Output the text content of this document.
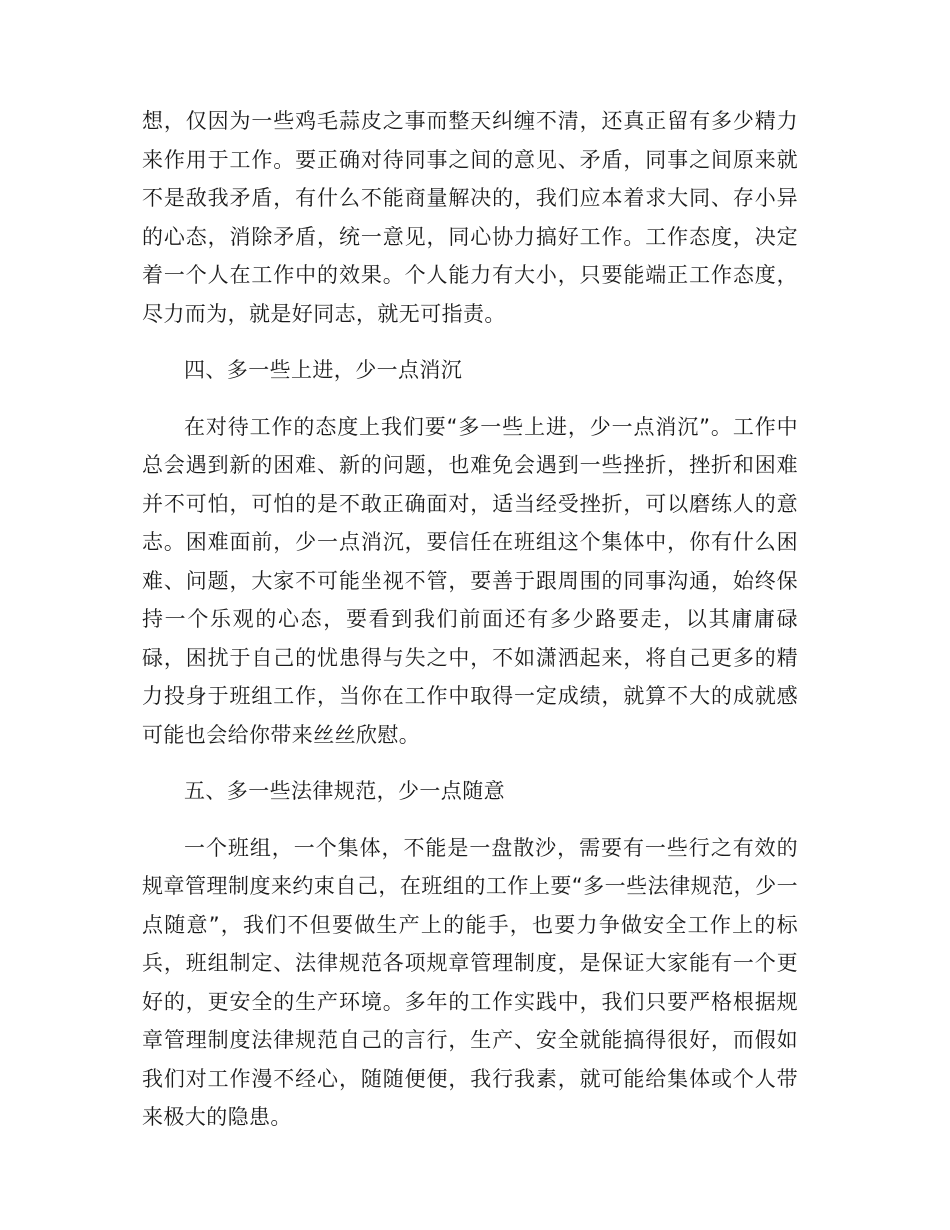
想，仅因为一些鸡毛蒜皮之事而整天纠缠不清，还真正留有多少精力来作用于工作。要正确对待同事之间的意见、矛盾，同事之间原来就不是敌我矛盾，有什么不能商量解决的，我们应本着求大同、存小异的心态，消除矛盾，统一意见，同心协力搞好工作。工作态度，决定着一个人在工作中的效果。个人能力有大小，只要能端正工作态度，尽力而为，就是好同志，就无可指责。

四、多一些上进，少一点消沉

在对待工作的态度上我们要“多一些上进，少一点消沉”。工作中总会遇到新的困难、新的问题，也难免会遇到一些挫折，挫折和困难并不可怕，可怕的是不敢正确面对，适当经受挫折，可以磨练人的意志。困难面前，少一点消沉，要信任在班组这个集体中，你有什么困难、问题，大家不可能坐视不管，要善于跟周围的同事沟通，始终保持一个乐观的心态，要看到我们前面还有多少路要走，以其庸庸碌碌，困扰于自己的忧患得与失之中，不如潇洒起来，将自己更多的精力投身于班组工作，当你在工作中取得一定成绩，就算不大的成就感可能也会给你带来丝丝欣慰。

五、多一些法律规范，少一点随意

一个班组，一个集体，不能是一盘散沙，需要有一些行之有效的规章管理制度来约束自己，在班组的工作上要“多一些法律规范，少一点随意”，我们不但要做生产上的能手，也要力争做安全工作上的标兵，班组制定、法律规范各项规章管理制度，是保证大家能有一个更好的，更安全的生产环境。多年的工作实践中，我们只要严格根据规章管理制度法律规范自己的言行，生产、安全就能搞得很好，而假如我们对工作漫不经心，随随便便，我行我素，就可能给集体或个人带来极大的隐患。
